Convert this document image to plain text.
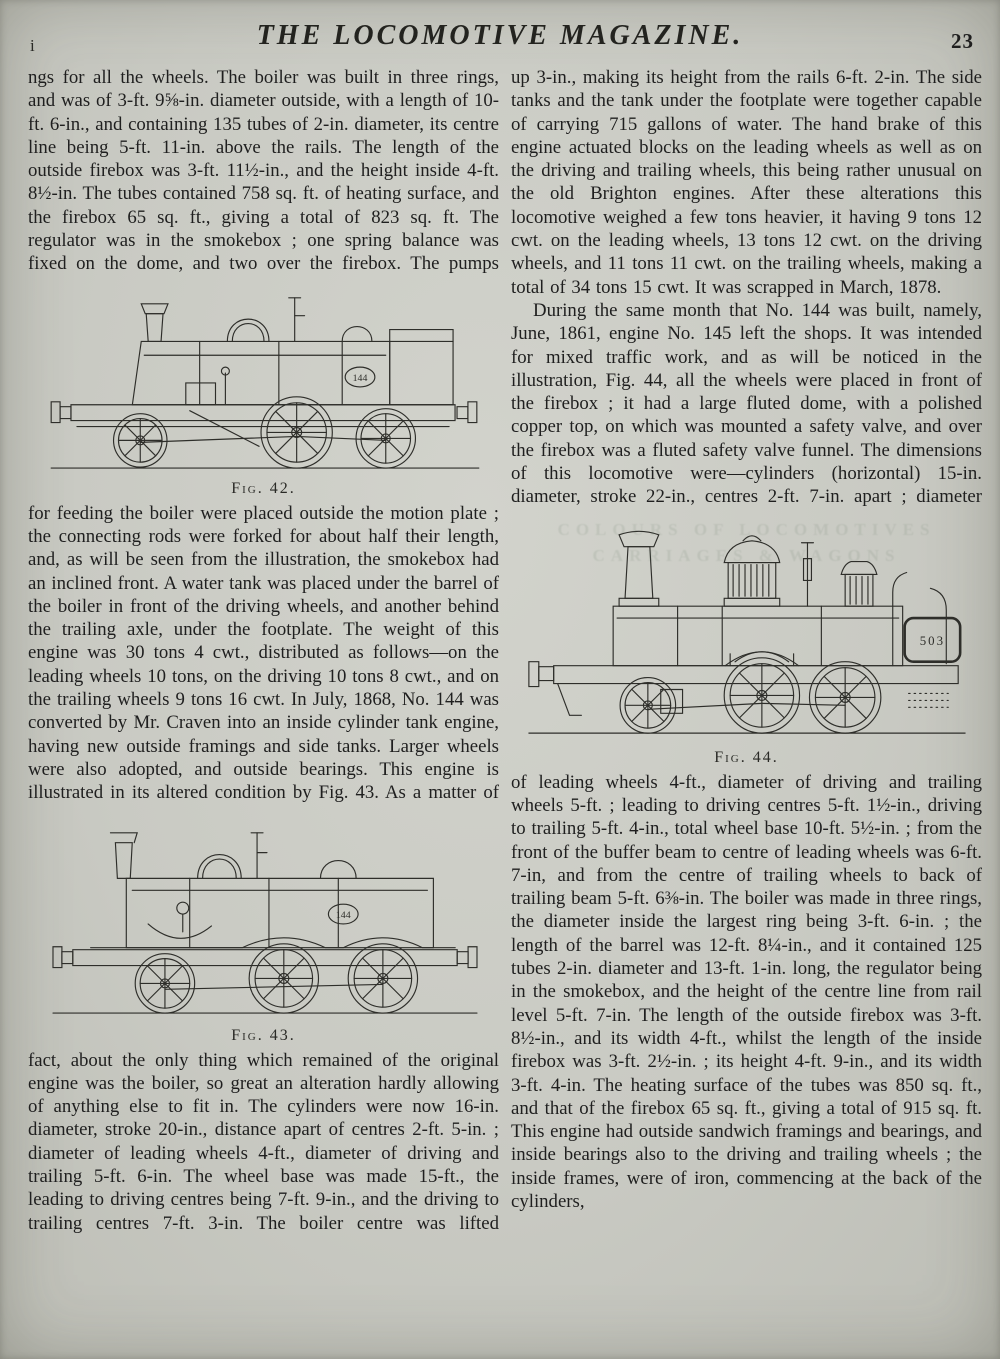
THE LOCOMOTIVE MAGAZINE.	23
i

ngs for all the wheels. The boiler was built in three rings, and was of 3-ft. 9⅝-in. diameter outside, with a length of 10-ft. 6-in., and containing 135 tubes of 2-in. diameter, its centre line being 5-ft. 11-in. above the rails. The length of the outside firebox was 3-ft. 11½-in., and the height inside 4-ft. 8½-in. The tubes contained 758 sq. ft. of heating surface, and the firebox 65 sq. ft., giving a total of 823 sq. ft. The regulator was in the smokebox ; one spring balance was fixed on the dome, and two over the firebox. The pumps

144
Fig. 42.

for feeding the boiler were placed outside the motion plate ; the connecting rods were forked for about half their length, and, as will be seen from the illustration, the smokebox had an inclined front. A water tank was placed under the barrel of the boiler in front of the driving wheels, and another behind the trailing axle, under the footplate. The weight of this engine was 30 tons 4 cwt., distributed as follows—on the leading wheels 10 tons, on the driving 10 tons 8 cwt., and on the trailing wheels 9 tons 16 cwt. In July, 1868, No. 144 was converted by Mr. Craven into an inside cylinder tank engine, having new outside framings and side tanks. Larger wheels were also adopted, and outside bearings. This engine is illustrated in its altered condition by Fig. 43. As a matter of

144
Fig. 43.

fact, about the only thing which remained of the original engine was the boiler, so great an alteration hardly allowing of anything else to fit in. The cylinders were now 16-in. diameter, stroke 20-in., distance apart of centres 2-ft. 5-in. ; diameter of leading wheels 4-ft., diameter of driving and trailing 5-ft. 6-in. The wheel base was made 15-ft., the leading to driving centres being 7-ft. 9-in., and the driving to trailing centres 7-ft. 3-in. The boiler centre was lifted

up 3-in., making its height from the rails 6-ft. 2-in. The side tanks and the tank under the footplate were together capable of carrying 715 gallons of water. The hand brake of this engine actuated blocks on the leading wheels as well as on the driving and trailing wheels, this being rather unusual on the old Brighton engines. After these alterations this locomotive weighed a few tons heavier, it having 9 tons 12 cwt. on the leading wheels, 13 tons 12 cwt. on the driving wheels, and 11 tons 11 cwt. on the trailing wheels, making a total of 34 tons 15 cwt. It was scrapped in March, 1878.

During the same month that No. 144 was built, namely, June, 1861, engine No. 145 left the shops. It was intended for mixed traffic work, and as will be noticed in the illustration, Fig. 44, all the wheels were placed in front of the firebox ; it had a large fluted dome, with a polished copper top, on which was mounted a safety valve, and over the firebox was a fluted safety valve funnel. The dimensions of this locomotive were—cylinders (horizontal) 15-in. diameter, stroke 22-in., centres 2-ft. 7-in. apart ; diameter

COLOURS OF LOCOMOTIVES
CARRIAGES & WAGONS
503
Fig. 44.

of leading wheels 4-ft., diameter of driving and trailing wheels 5-ft. ; leading to driving centres 5-ft. 1½-in., driving to trailing 5-ft. 4-in., total wheel base 10-ft. 5½-in. ; from the front of the buffer beam to centre of leading wheels was 6-ft. 7-in, and from the centre of trailing wheels to back of trailing beam 5-ft. 6⅜-in. The boiler was made in three rings, the diameter inside the largest ring being 3-ft. 6-in. ; the length of the barrel was 12-ft. 8¼-in., and it contained 125 tubes 2-in. diameter and 13-ft. 1-in. long, the regulator being in the smokebox, and the height of the centre line from rail level 5-ft. 7-in. The length of the outside firebox was 3-ft. 8½-in., and its width 4-ft., whilst the length of the inside firebox was 3-ft. 2½-in. ; its height 4-ft. 9-in., and its width 3-ft. 4-in. The heating surface of the tubes was 850 sq. ft., and that of the firebox 65 sq. ft., giving a total of 915 sq. ft. This engine had outside sandwich framings and bearings, and inside bearings also to the driving and trailing wheels ; the inside frames, were of iron, commencing at the back of the cylinders,
